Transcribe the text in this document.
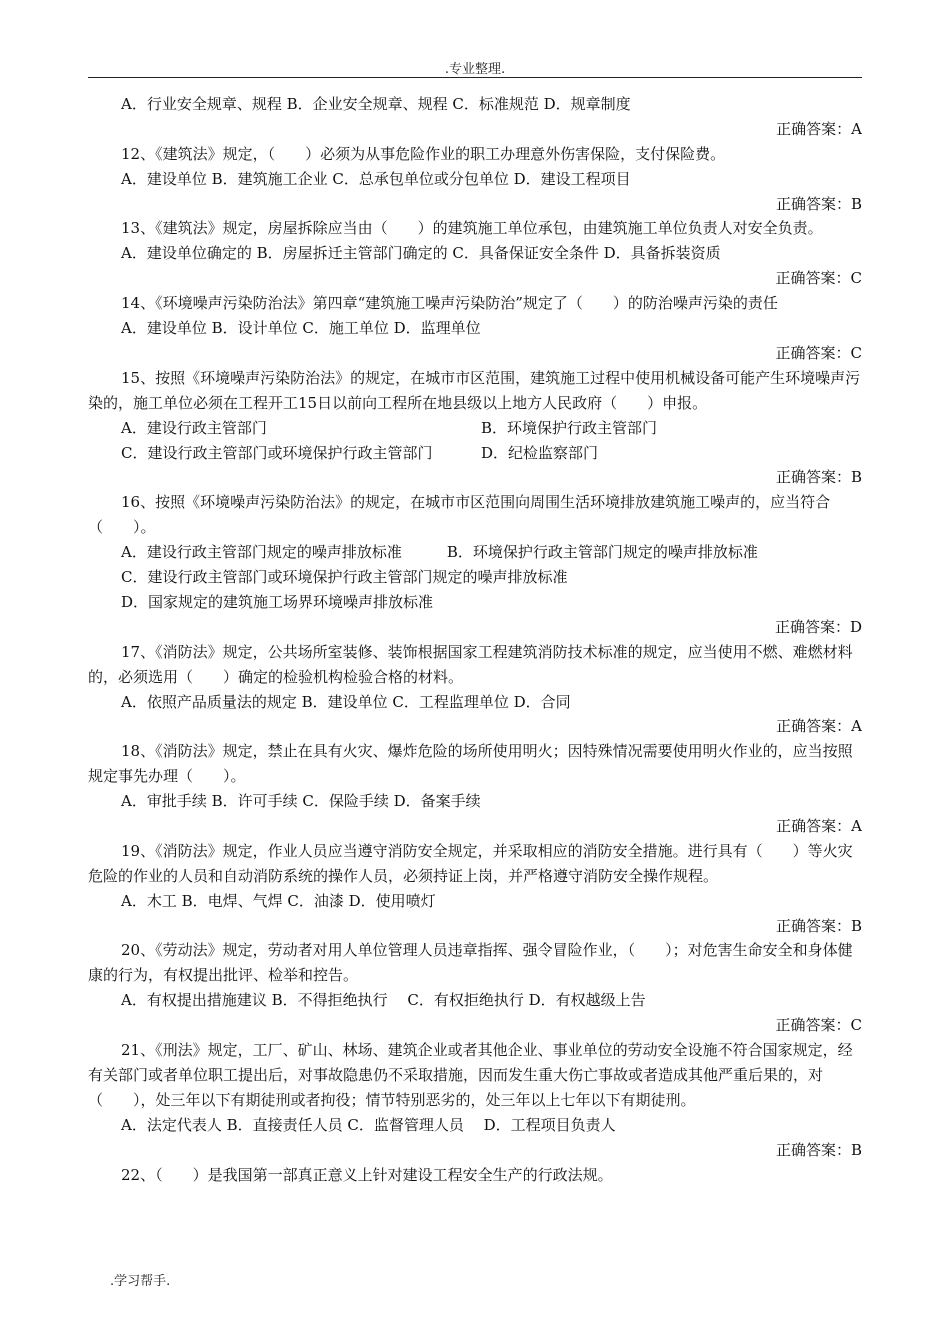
.专业整理.
A．行业安全规章、规程 B．企业安全规章、规程 C．标准规范 D．规章制度
正确答案：A
12、《建筑法》规定，（　　）必须为从事危险作业的职工办理意外伤害保险，支付保险费。
A．建设单位 B．建筑施工企业 C．总承包单位或分包单位 D．建设工程项目
正确答案：B
13、《建筑法》规定，房屋拆除应当由（　　）的建筑施工单位承包，由建筑施工单位负责人对安全负责。
A．建设单位确定的 B．房屋拆迁主管部门确定的 C．具备保证安全条件 D．具备拆装资质
正确答案：C
14、《环境噪声污染防治法》第四章“建筑施工噪声污染防治”规定了（　　）的防治噪声污染的责任
A．建设单位 B．设计单位 C．施工单位 D．监理单位
正确答案：C
15、按照《环境噪声污染防治法》的规定，在城市市区范围，建筑施工过程中使用机械设备可能产生环境噪声污染的，施工单位必须在工程开工15日以前向工程所在地县级以上地方人民政府（　　）申报。
A．建设行政主管部门	B．环境保护行政主管部门
C．建设行政主管部门或环境保护行政主管部门	D．纪检监察部门
正确答案：B
16、按照《环境噪声污染防治法》的规定，在城市市区范围向周围生活环境排放建筑施工噪声的，应当符合（　　）。
A．建设行政主管部门规定的噪声排放标准　　　B．环境保护行政主管部门规定的噪声排放标准
C．建设行政主管部门或环境保护行政主管部门规定的噪声排放标准
D．国家规定的建筑施工场界环境噪声排放标准
正确答案：D
17、《消防法》规定，公共场所室装修、装饰根据国家工程建筑消防技术标准的规定，应当使用不燃、难燃材料的，必须选用（　　）确定的检验机构检验合格的材料。
A．依照产品质量法的规定 B．建设单位 C．工程监理单位 D．合同
正确答案：A
18、《消防法》规定，禁止在具有火灾、爆炸危险的场所使用明火；因特殊情况需要使用明火作业的，应当按照规定事先办理（　　）。
A．审批手续 B．许可手续 C．保险手续 D．备案手续
正确答案：A
19、《消防法》规定，作业人员应当遵守消防安全规定，并采取相应的消防安全措施。进行具有（　　）等火灾危险的作业的人员和自动消防系统的操作人员，必须持证上岗，并严格遵守消防安全操作规程。
A．木工 B．电焊、气焊 C．油漆 D．使用喷灯
正确答案：B
20、《劳动法》规定，劳动者对用人单位管理人员违章指挥、强令冒险作业，（　　）；对危害生命安全和身体健康的行为，有权提出批评、检举和控告。
A．有权提出措施建议 B．不得拒绝执行　 C．有权拒绝执行 D．有权越级上告
正确答案：C
21、《刑法》规定，工厂、矿山、林场、建筑企业或者其他企业、事业单位的劳动安全设施不符合国家规定，经有关部门或者单位职工提出后，对事故隐患仍不采取措施，因而发生重大伤亡事故或者造成其他严重后果的，对（　　），处三年以下有期徒刑或者拘役；情节特别恶劣的，处三年以上七年以下有期徒刑。
A．法定代表人 B．直接责任人员 C．监督管理人员　 D．工程项目负责人
正确答案：B
22、（　　）是我国第一部真正意义上针对建设工程安全生产的行政法规。
.学习帮手.
